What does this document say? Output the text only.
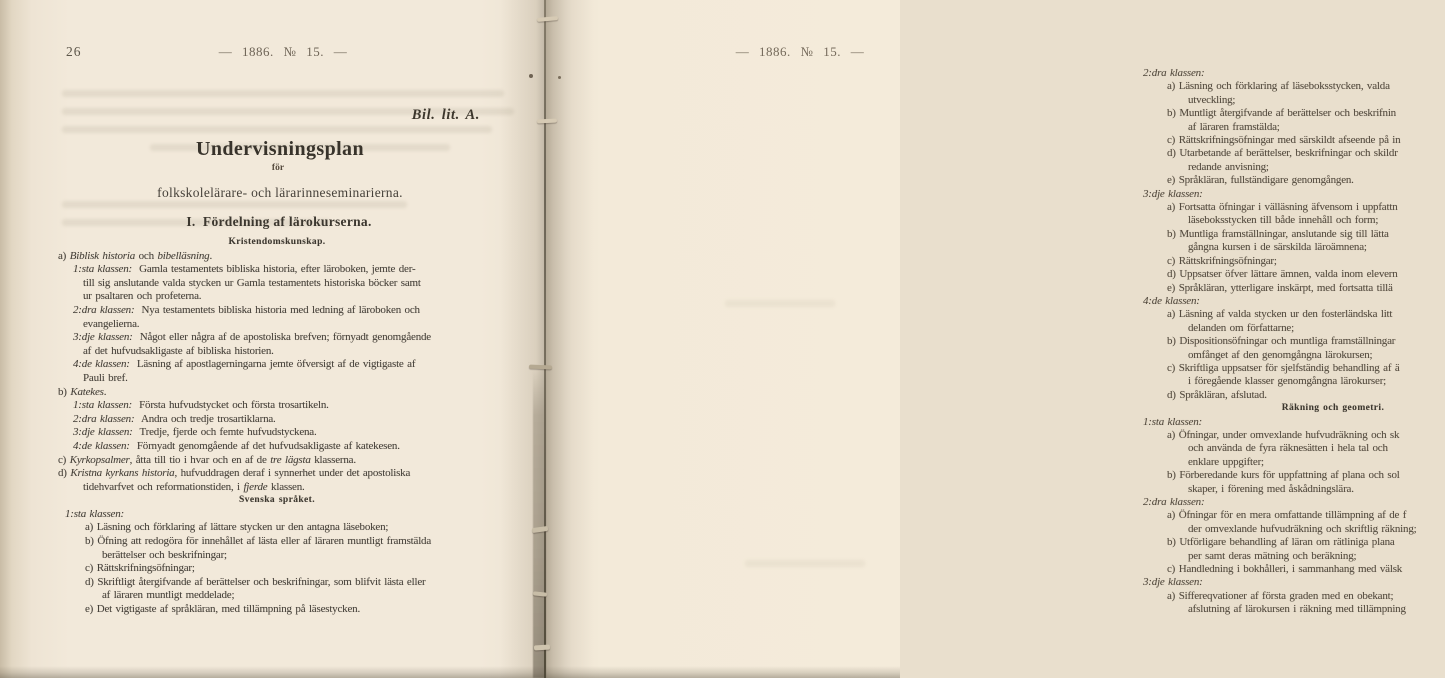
26	— 1886. № 15. —
Bil. lit. A.
Undervisningsplan
för
folkskolelärare- och lärarinneseminarierna.
I.  Fördelning af lärokurserna.
Kristendomskunskap.
a) Biblisk historia och bibelläsning.
1:sta klassen:  Gamla testamentets bibliska historia, efter läroboken, jemte der-
till sig anslutande valda stycken ur Gamla testamentets historiska böcker samt
ur psaltaren och profeterna.
2:dra klassen:  Nya testamentets bibliska historia med ledning af läroboken och
evangelierna.
3:dje klassen:  Något eller några af de apostoliska brefven; förnyadt genomgående
af det hufvudsakligaste af bibliska historien.
4:de klassen:  Läsning af apostlagerningarna jemte öfversigt af de vigtigaste af
Pauli bref.
b) Katekes.
1:sta klassen:  Första hufvudstycket och första trosartikeln.
2:dra klassen:  Andra och tredje trosartiklarna.
3:dje klassen:  Tredje, fjerde och femte hufvudstyckena.
4:de klassen:  Förnyadt genomgående af det hufvudsakligaste af katekesen.
c) Kyrkopsalmer, åtta till tio i hvar och en af de tre lägsta klasserna.
d) Kristna kyrkans historia, hufvuddragen deraf i synnerhet under det apostoliska
tidehvarfvet och reformationstiden, i fjerde klassen.
Svenska språket.
1:sta klassen:
a) Läsning och förklaring af lättare stycken ur den antagna läseboken;
b) Öfning att redogöra för innehållet af lästa eller af läraren muntligt framstälda
berättelser och beskrifningar;
c) Rättskrifningsöfningar;
d) Skriftligt återgifvande af berättelser och beskrifningar, som blifvit lästa eller
af läraren muntligt meddelade;
e) Det vigtigaste af språkläran, med tillämpning på läsestycken.
— 1886. № 15. —
2:dra klassen:
a) Läsning och förklaring af läseboksstycken, valda
utveckling;
b) Muntligt återgifvande af berättelser och beskrifnin
af läraren framstälda;
c) Rättskrifningsöfningar med särskildt afseende på in
d) Utarbetande af berättelser, beskrifningar och skildr
redande anvisning;
e) Språkläran, fullständigare genomgången.
3:dje klassen:
a) Fortsatta öfningar i välläsning äfvensom i uppfattn
läseboksstycken till både innehåll och form;
b) Muntliga framställningar, anslutande sig till lätta
gångna kursen i de särskilda läroämnena;
c) Rättskrifningsöfningar;
d) Uppsatser öfver lättare ämnen, valda inom elevern
e) Språkläran, ytterligare inskärpt, med fortsatta tillä
4:de klassen:
a) Läsning af valda stycken ur den fosterländska litt
delanden om författarne;
b) Dispositionsöfningar och muntliga framställningar
omfånget af den genomgångna lärokursen;
c) Skriftliga uppsatser för sjelfständig behandling af ä
i föregående klasser genomgångna lärokurser;
d) Språkläran, afslutad.
Räkning och geometri.
1:sta klassen:
a) Öfningar, under omvexlande hufvudräkning och sk
och använda de fyra räknesätten i hela tal och
enklare uppgifter;
b) Förberedande kurs för uppfattning af plana och sol
skaper, i förening med åskådningslära.
2:dra klassen:
a) Öfningar för en mera omfattande tillämpning af de f
der omvexlande hufvudräkning och skriftlig räkning;
b) Utförligare behandling af läran om rätliniga plana
per samt deras mätning och beräkning;
c) Handledning i bokhålleri, i sammanhang med välsk
3:dje klassen:
a) Siffereqvationer af första graden med en obekant;
afslutning af lärokursen i räkning med tillämpning
